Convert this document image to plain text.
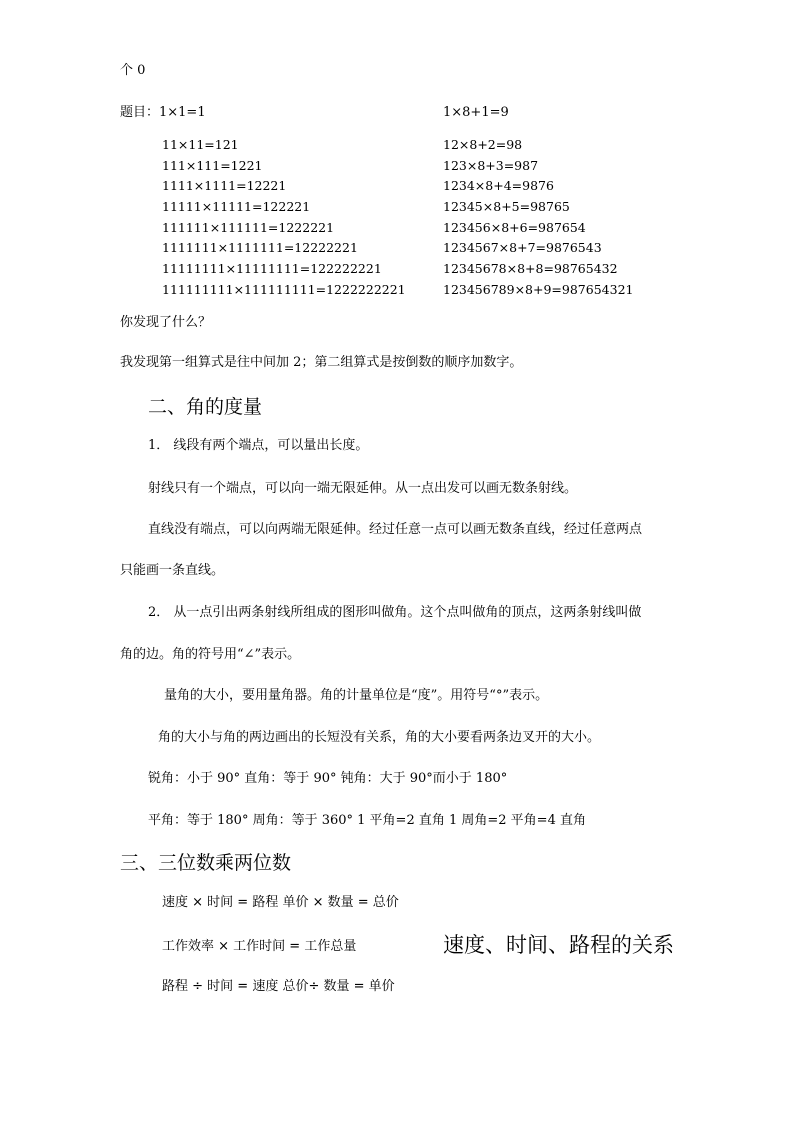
个 0
题目：1×1=1	1×8+1=9
11×11=121
111×111=1221
1111×1111=12221
11111×11111=122221
111111×111111=1222221
1111111×1111111=12222221
11111111×11111111=122222221
111111111×111111111=1222222221
12×8+2=98
123×8+3=987
1234×8+4=9876
12345×8+5=98765
123456×8+6=987654
1234567×8+7=9876543
12345678×8+8=98765432
123456789×8+9=987654321
你发现了什么？
我发现第一组算式是往中间加 2；第二组算式是按倒数的顺序加数字。
二、角的度量
1． 线段有两个端点，可以量出长度。
射线只有一个端点，可以向一端无限延伸。从一点出发可以画无数条射线。
直线没有端点，可以向两端无限延伸。经过任意一点可以画无数条直线，经过任意两点
只能画一条直线。
2． 从一点引出两条射线所组成的图形叫做角。这个点叫做角的顶点，这两条射线叫做
角的边。角的符号用“∠”表示。
量角的大小，要用量角器。角的计量单位是“度”。用符号“°”表示。
角的大小与角的两边画出的长短没有关系，角的大小要看两条边叉开的大小。
锐角：小于 90° 直角：等于 90° 钝角：大于 90°而小于 180°
平角：等于 180° 周角：等于 360° 1 平角=2 直角 1 周角=2 平角=4 直角
三、三位数乘两位数
速度 × 时间 = 路程 单价 × 数量 = 总价
工作效率 × 工作时间 = 工作总量	速度、时间、路程的关系
路程 ÷ 时间 = 速度 总价÷ 数量 = 单价
